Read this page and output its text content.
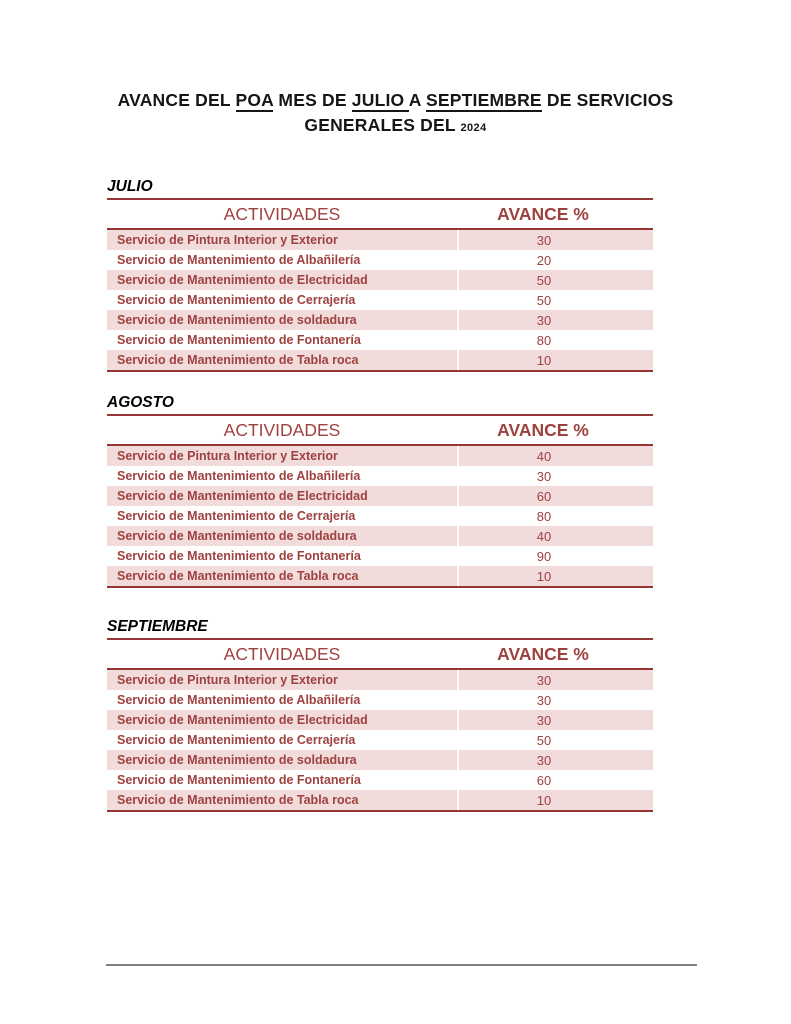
AVANCE DEL POA MES DE JULIO A SEPTIEMBRE DE SERVICIOS GENERALES DEL 2024
JULIO
ACTIVIDADES	AVANCE %
Servicio de Pintura Interior y Exterior	30
Servicio de Mantenimiento de Albañilería	20
Servicio de Mantenimiento de Electricidad	50
Servicio de Mantenimiento de Cerrajería	50
Servicio de Mantenimiento de soldadura	30
Servicio de Mantenimiento de Fontanería	80
Servicio de Mantenimiento de Tabla roca	10
AGOSTO
ACTIVIDADES	AVANCE %
Servicio de Pintura Interior y Exterior	40
Servicio de Mantenimiento de Albañilería	30
Servicio de Mantenimiento de Electricidad	60
Servicio de Mantenimiento de Cerrajería	80
Servicio de Mantenimiento de soldadura	40
Servicio de Mantenimiento de Fontanería	90
Servicio de Mantenimiento de Tabla roca	10
SEPTIEMBRE
ACTIVIDADES	AVANCE %
Servicio de Pintura Interior y Exterior	30
Servicio de Mantenimiento de Albañilería	30
Servicio de Mantenimiento de Electricidad	30
Servicio de Mantenimiento de Cerrajería	50
Servicio de Mantenimiento de soldadura	30
Servicio de Mantenimiento de Fontanería	60
Servicio de Mantenimiento de Tabla roca	10
